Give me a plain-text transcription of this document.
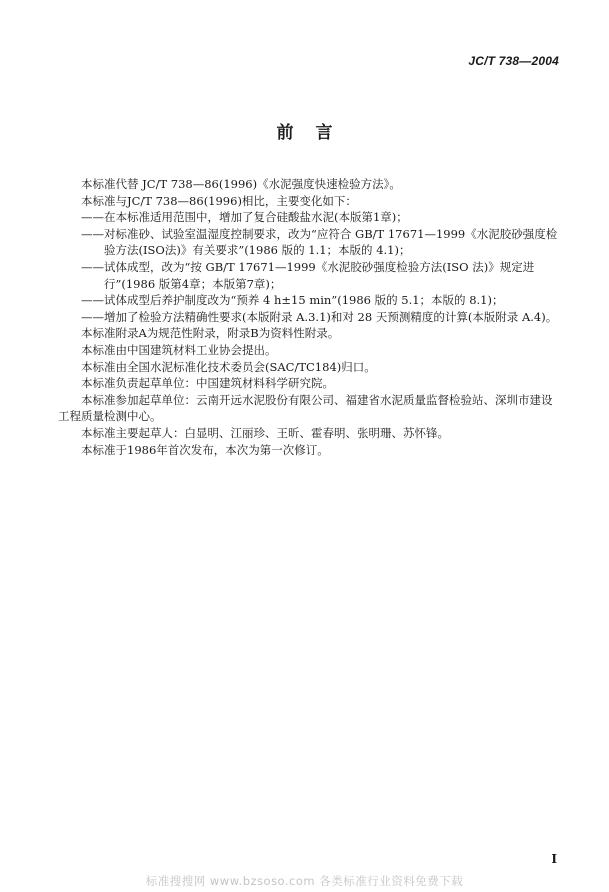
JC/T 738—2004
前言

本标准代替 JC/T 738—86(1996)《水泥强度快速检验方法》。

本标准与JC/T 738—86(1996)相比，主要变化如下：

——在本标准适用范围中，增加了复合硅酸盐水泥(本版第1章)；

——对标准砂、试验室温湿度控制要求，改为“应符合 GB/T 17671—1999《水泥胶砂强度检验方法(ISO法)》有关要求”(1986 版的 1.1；本版的 4.1)；

——试体成型，改为“按 GB/T 17671—1999《水泥胶砂强度检验方法(ISO 法)》规定进行”(1986 版第4章；本版第7章)；

——试体成型后养护制度改为“预养 4 h±15 min”(1986 版的 5.1；本版的 8.1)；

——增加了检验方法精确性要求(本版附录 A.3.1)和对 28 天预测精度的计算(本版附录 A.4)。

本标准附录A为规范性附录，附录B为资料性附录。

本标准由中国建筑材料工业协会提出。

本标准由全国水泥标准化技术委员会(SAC/TC184)归口。

本标准负责起草单位：中国建筑材料科学研究院。

本标准参加起草单位：云南开远水泥股份有限公司、福建省水泥质量监督检验站、深圳市建设工程质量检测中心。

本标准主要起草人：白显明、江丽珍、王昕、霍春明、张明珊、苏怀锋。

本标准于1986年首次发布，本次为第一次修订。

I
标准搜搜网 www.bzsoso.com 各类标准行业资料免费下载
